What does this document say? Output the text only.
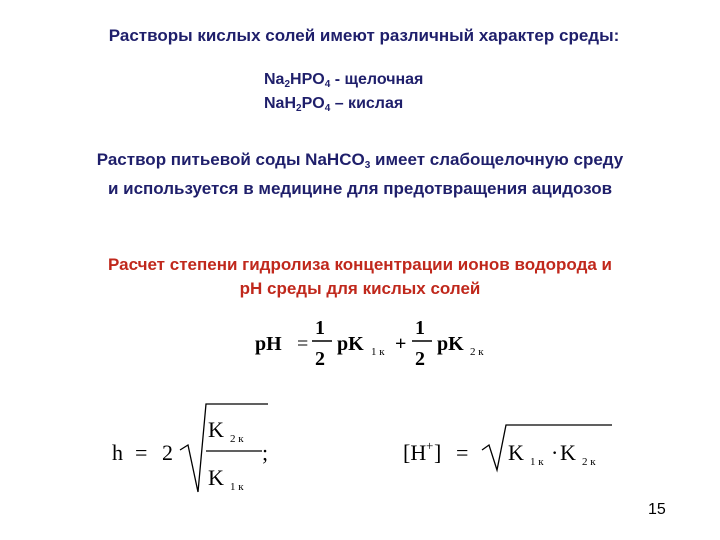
Растворы кислых солей имеют различный характер среды:
$Na_2HPO_4$ - щелочная
$NaH_2PO_4$ – кислая
Раствор питьевой соды NaHCO$_3$ имеет слабощелочную среду
и используется в медицине для предотвращения ацидозов
Расчет степени гидролиза концентрации ионов водорода и
pH среды для кислых солей
pH =
1
2
pK 1 к +
1
2
pK 2 к
h = 2
K 2 к
K 1 к
;	[H + ] = K 1 к · K 2 к
15
